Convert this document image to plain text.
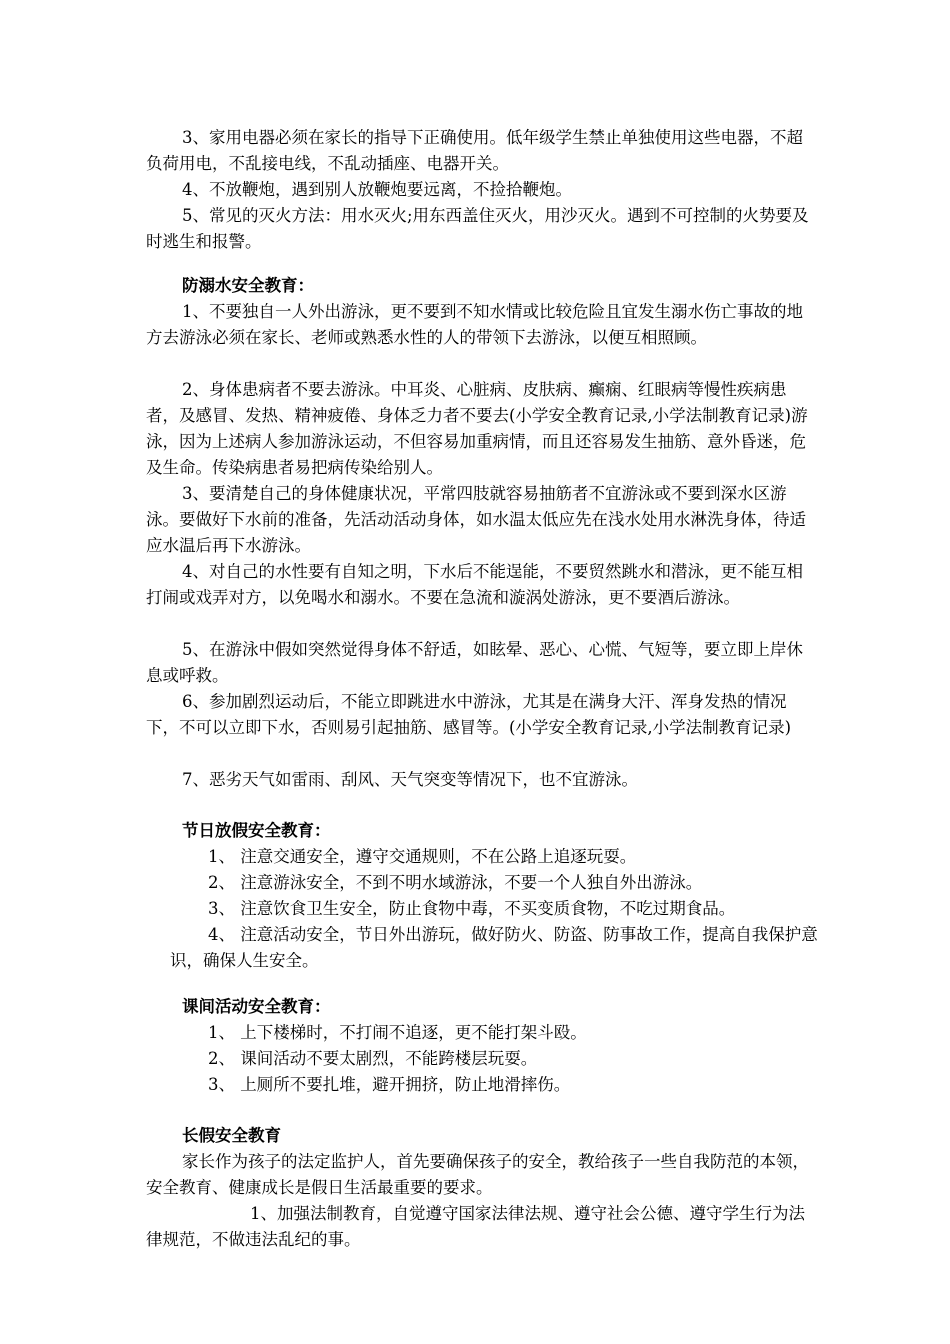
3、家用电器必须在家长的指导下正确使用。低年级学生禁止单独使用这些电器，不超负荷用电，不乱接电线，不乱动插座、电器开关。

4、不放鞭炮，遇到别人放鞭炮要远离，不捡拾鞭炮。

5、常见的灭火方法：用水灭火;用东西盖住灭火，用沙灭火。遇到不可控制的火势要及时逃生和报警。

防溺水安全教育：

1、不要独自一人外出游泳，更不要到不知水情或比较危险且宜发生溺水伤亡事故的地方去游泳必须在家长、老师或熟悉水性的人的带领下去游泳，以便互相照顾。

2、身体患病者不要去游泳。中耳炎、心脏病、皮肤病、癫痫、红眼病等慢性疾病患者，及感冒、发热、精神疲倦、身体乏力者不要去(小学安全教育记录,小学法制教育记录)游泳，因为上述病人参加游泳运动，不但容易加重病情，而且还容易发生抽筋、意外昏迷，危及生命。传染病患者易把病传染给别人。

3、要清楚自己的身体健康状况，平常四肢就容易抽筋者不宜游泳或不要到深水区游泳。要做好下水前的准备，先活动活动身体，如水温太低应先在浅水处用水淋洗身体，待适应水温后再下水游泳。

4、对自己的水性要有自知之明，下水后不能逞能，不要贸然跳水和潜泳，更不能互相打闹或戏弄对方，以免喝水和溺水。不要在急流和漩涡处游泳，更不要酒后游泳。

5、在游泳中假如突然觉得身体不舒适，如眩晕、恶心、心慌、气短等，要立即上岸休息或呼救。

6、参加剧烈运动后，不能立即跳进水中游泳，尤其是在满身大汗、浑身发热的情况下，不可以立即下水，否则易引起抽筋、感冒等。(小学安全教育记录,小学法制教育记录)

7、恶劣天气如雷雨、刮风、天气突变等情况下，也不宜游泳。

节日放假安全教育：

1、 注意交通安全，遵守交通规则，不在公路上追逐玩耍。

2、 注意游泳安全，不到不明水域游泳，不要一个人独自外出游泳。

3、 注意饮食卫生安全，防止食物中毒，不买变质食物，不吃过期食品。

4、 注意活动安全，节日外出游玩，做好防火、防盗、防事故工作，提高自我保护意识，确保人生安全。

课间活动安全教育：

1、 上下楼梯时，不打闹不追逐，更不能打架斗殴。

2、 课间活动不要太剧烈，不能跨楼层玩耍。

3、 上厕所不要扎堆，避开拥挤，防止地滑摔伤。

长假安全教育

家长作为孩子的法定监护人，首先要确保孩子的安全，教给孩子一些自我防范的本领，安全教育、健康成长是假日生活最重要的要求。

1、加强法制教育，自觉遵守国家法律法规、遵守社会公德、遵守学生行为法律规范，不做违法乱纪的事。
